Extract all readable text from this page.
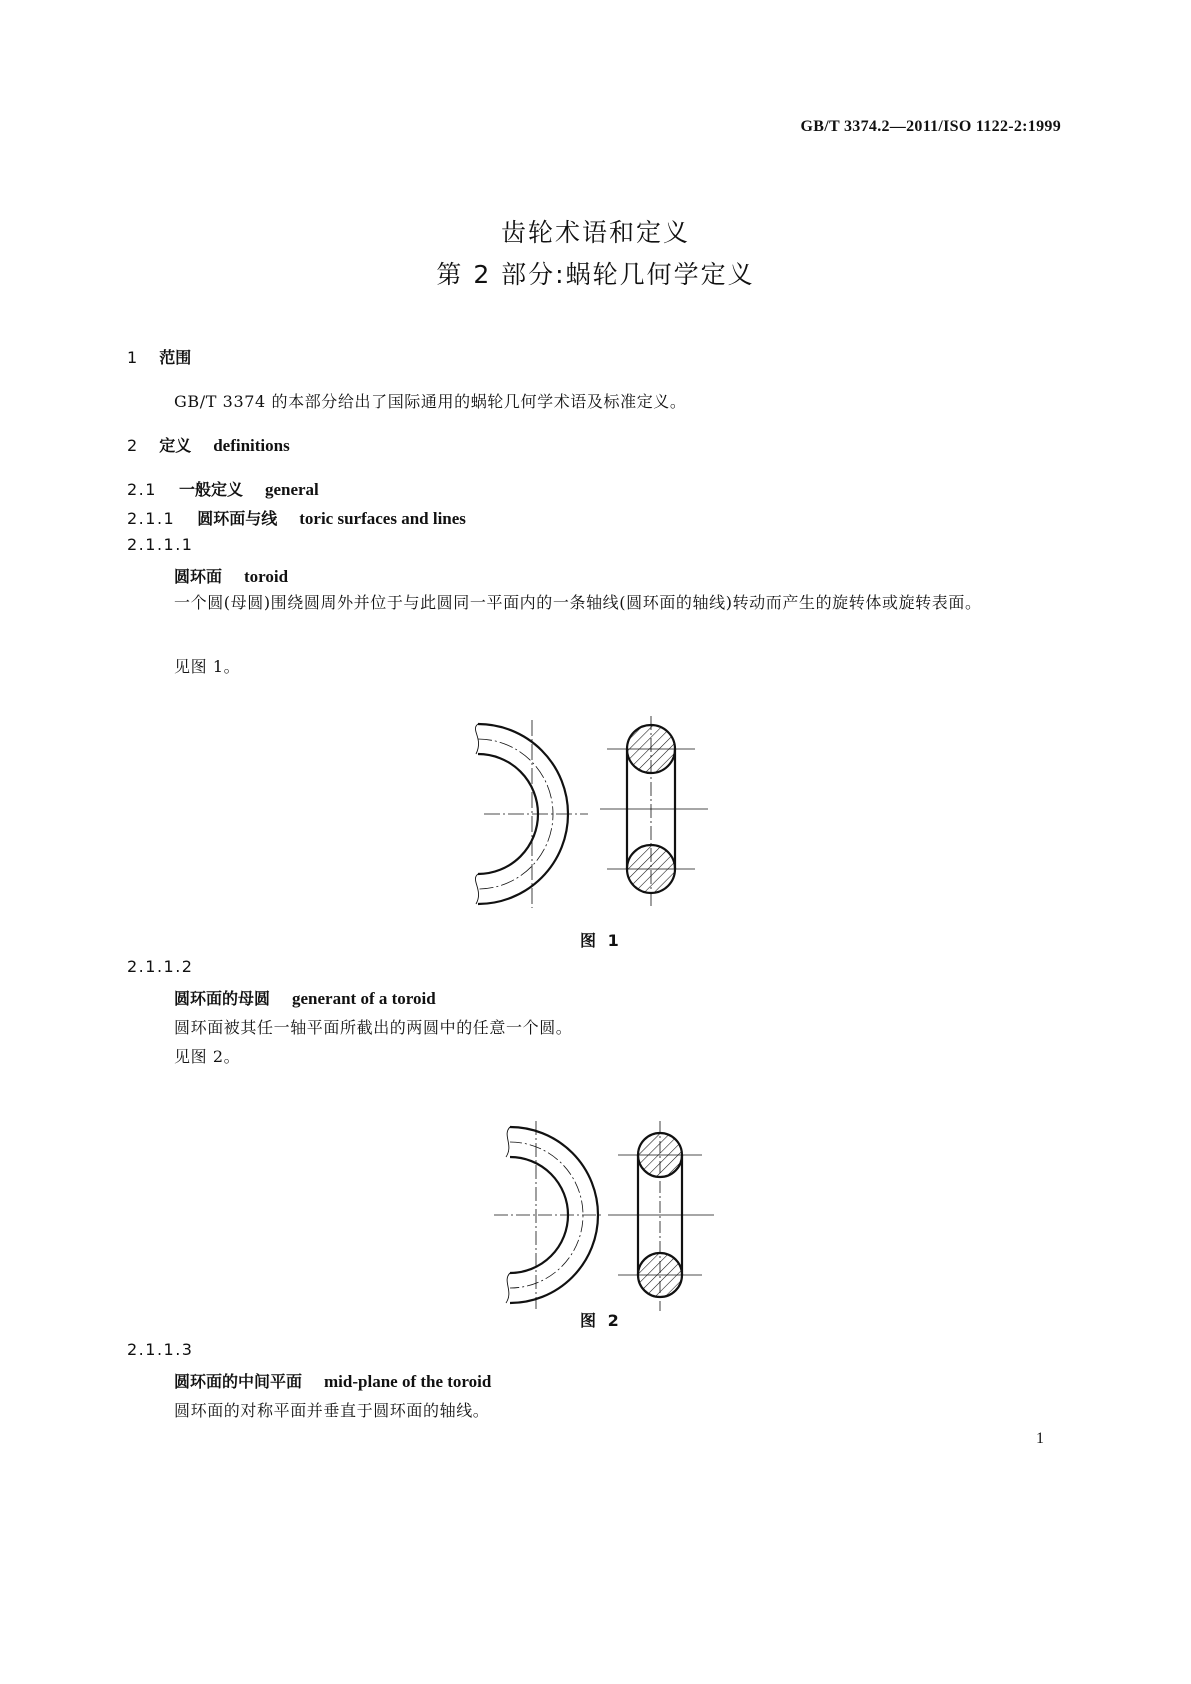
GB/T 3374.2—2011/ISO 1122-2:1999
齿轮术语和定义
第 2 部分:蜗轮几何学定义
1 范围
GB/T 3374 的本部分给出了国际通用的蜗轮几何学术语及标准定义。
2 定义 definitions
2.1 一般定义 general
2.1.1 圆环面与线 toric surfaces and lines
2.1.1.1
圆环面 toroid
一个圆(母圆)围绕圆周外并位于与此圆同一平面内的一条轴线(圆环面的轴线)转动而产生的旋转体或旋转表面。
见图 1。
图 1
2.1.1.2
圆环面的母圆 generant of a toroid
圆环面被其任一轴平面所截出的两圆中的任意一个圆。
见图 2。
图 2
2.1.1.3
圆环面的中间平面 mid-plane of the toroid
圆环面的对称平面并垂直于圆环面的轴线。
1
